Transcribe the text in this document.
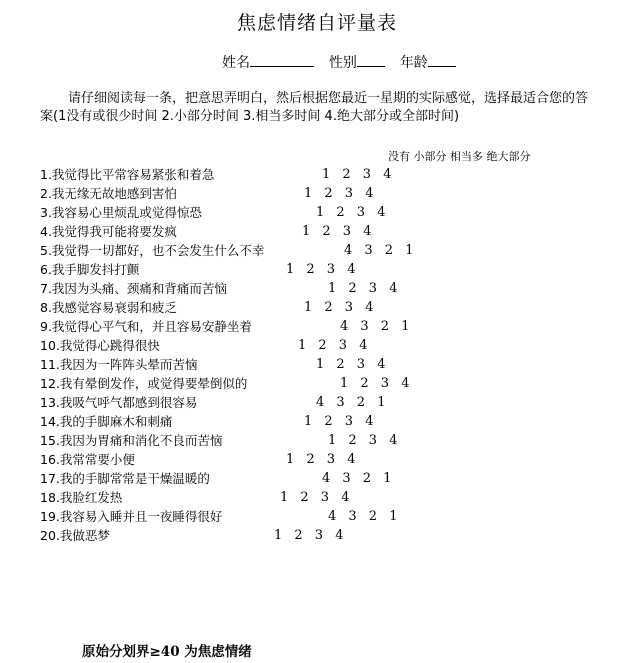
焦虑情绪自评量表
姓名	性别	年龄
请仔细阅读每一条，把意思弄明白，然后根据您最近一星期的实际感觉，选择最适合您的答案(1没有或很少时间 2.小部分时间 3.相当多时间 4.绝大部分或全部时间)
没有 小部分 相当多 绝大部分
1.我觉得比平常容易紧张和着急	1 2 3 4
2.我无缘无故地感到害怕	1 2 3 4
3.我容易心里烦乱或觉得惊恐	1 2 3 4
4.我觉得我可能将要发疯	1 2 3 4
5.我觉得一切都好，也不会发生什么不幸	4 3 2 1
6.我手脚发抖打颤	1 2 3 4
7.我因为头痛、颈痛和背痛而苦恼	1 2 3 4
8.我感觉容易衰弱和疲乏	1 2 3 4
9.我觉得心平气和，并且容易安静坐着	4 3 2 1
10.我觉得心跳得很快	1 2 3 4
11.我因为一阵阵头晕而苦恼	1 2 3 4
12.我有晕倒发作，或觉得要晕倒似的	1 2 3 4
13.我吸气呼气都感到很容易	4 3 2 1
14.我的手脚麻木和刺痛	1 2 3 4
15.我因为胃痛和消化不良而苦恼	1 2 3 4
16.我常常要小便	1 2 3 4
17.我的手脚常常是干燥温暖的	4 3 2 1
18.我脸红发热	1 2 3 4
19.我容易入睡并且一夜睡得很好	4 3 2 1
20.我做恶梦	1 2 3 4
原始分划界≥40 为焦虑情绪
